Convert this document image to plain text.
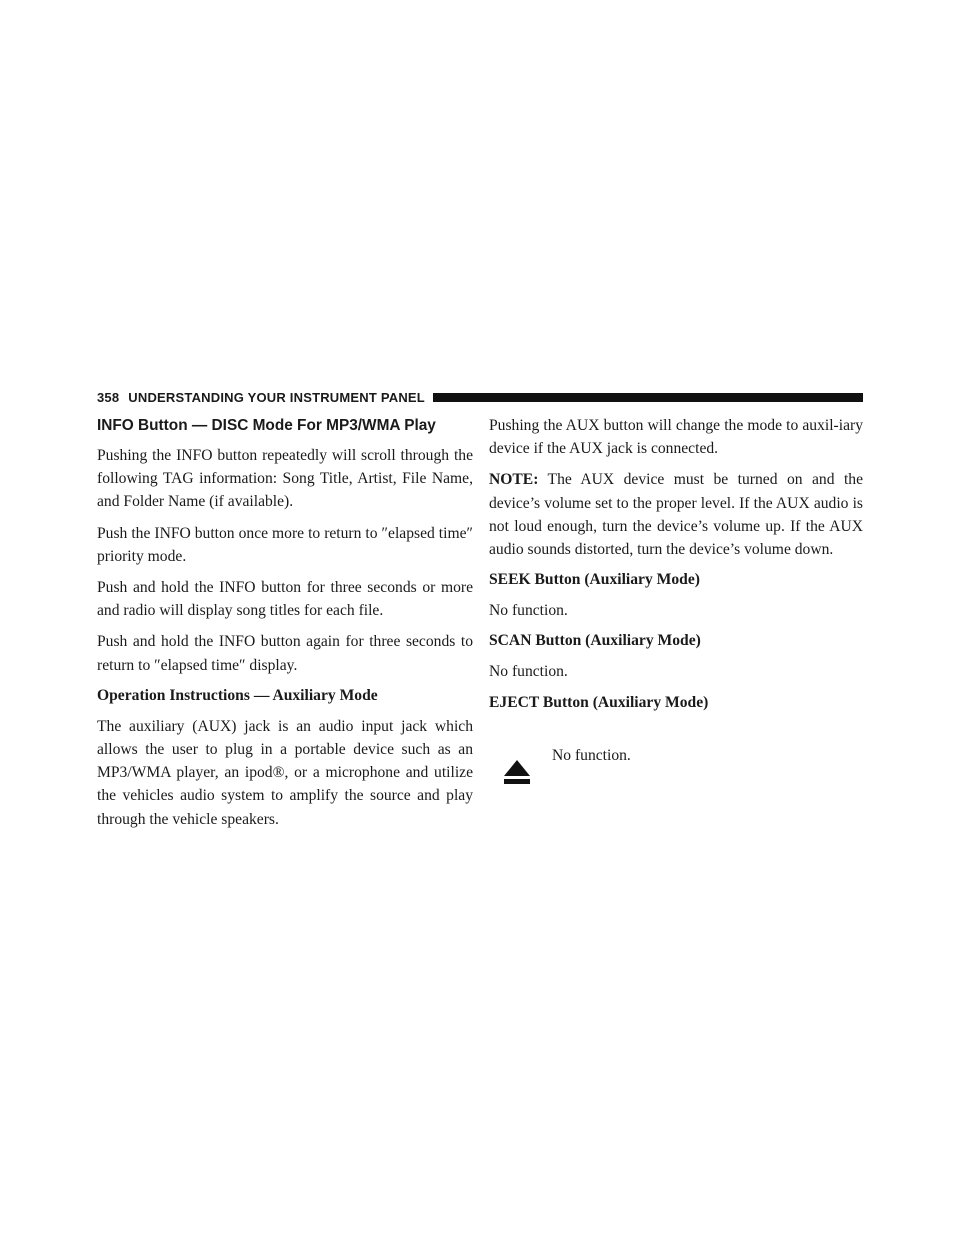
358 UNDERSTANDING YOUR INSTRUMENT PANEL
INFO Button — DISC Mode For MP3/WMA Play

Pushing the INFO button repeatedly will scroll through the following TAG information: Song Title, Artist, File Name, and Folder Name (if available).

Push the INFO button once more to return to ″elapsed time″ priority mode.

Push and hold the INFO button for three seconds or more and radio will display song titles for each file.

Push and hold the INFO button again for three seconds to return to ″elapsed time″ display.

Operation Instructions — Auxiliary Mode

The auxiliary (AUX) jack is an audio input jack which allows the user to plug in a portable device such as an MP3/WMA player, an ipod®, or a microphone and utilize the vehicles audio system to amplify the source and play through the vehicle speakers.

Pushing the AUX button will change the mode to auxil-iary device if the AUX jack is connected.

NOTE: The AUX device must be turned on and the device’s volume set to the proper level. If the AUX audio is not loud enough, turn the device’s volume up. If the AUX audio sounds distorted, turn the device’s volume down.

SEEK Button (Auxiliary Mode)

No function.

SCAN Button (Auxiliary Mode)

No function.

EJECT Button (Auxiliary Mode)

No function.
